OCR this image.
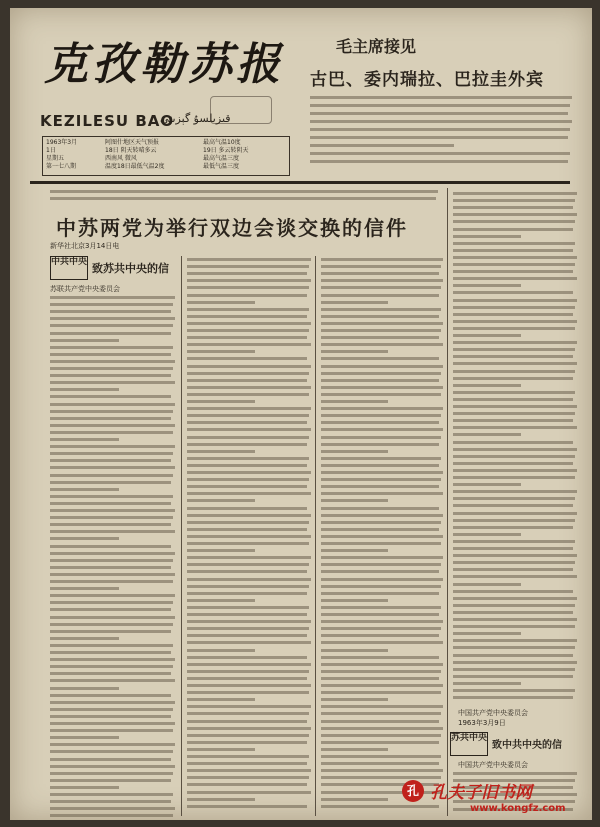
克孜勒苏报
KEZILESU BAO
قىزىلسۇ گېزىتى
1963年3月
1日
星期五
第一七八期
阿图什地区天气预报
18日 阴天转晴多云
西南风 微风
温度18日最低气温2度
最高气温10度
19日 多云转阴天
最高气温三度
最低气温三度
毛主席接见
古巴、委内瑞拉、巴拉圭外宾
中苏两党为举行双边会谈交换的信件
新华社北京3月14日电
中共中央 致苏共中央的信
苏联共产党中央委员会
中国共产党中央委员会
1963年3月9日
苏共中央
致中共中央的信
中国共产党中央委员会
孔 孔夫子旧书网
www.kongfz.com
